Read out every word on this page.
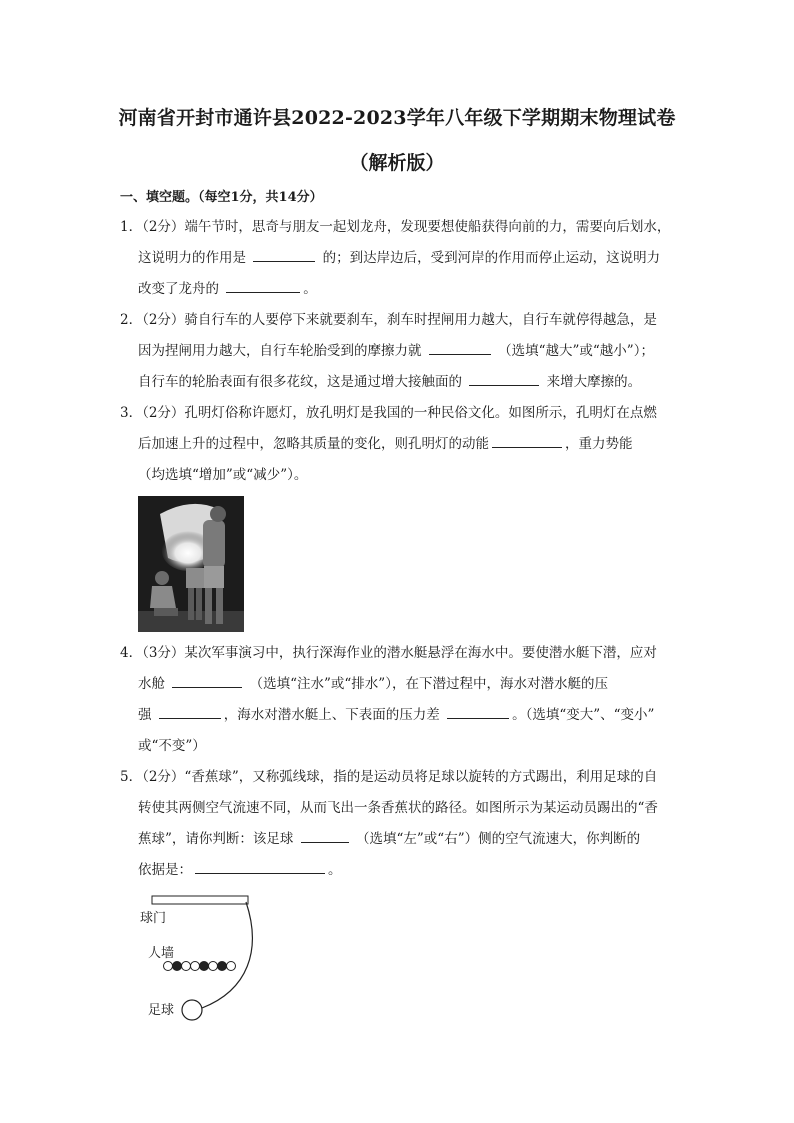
河南省开封市通许县2022-2023学年八年级下学期期末物理试卷
（解析版）
一、填空题。（每空1分，共14分）
1．（2分）端午节时，思奇与朋友一起划龙舟，发现要想使船获得向前的力，需要向后划水，
这说明力的作用是	的；到达岸边后，受到河岸的作用而停止运动，这说明力
改变了龙舟的	。
2．（2分）骑自行车的人要停下来就要刹车，刹车时捏闸用力越大，自行车就停得越急，是
因为捏闸用力越大，自行车轮胎受到的摩擦力就	（选填“越大”或“越小”）；
自行车的轮胎表面有很多花纹，这是通过增大接触面的	来增大摩擦的。
3．（2分）孔明灯俗称许愿灯，放孔明灯是我国的一种民俗文化。如图所示，孔明灯在点燃
后加速上升的过程中，忽略其质量的变化，则孔明灯的动能	，重力势能
（均选填“增加”或“减少”）。
4．（3分）某次军事演习中，执行深海作业的潜水艇悬浮在海水中。要使潜水艇下潜，应对
水舱	（选填“注水”或“排水”），在下潜过程中，海水对潜水艇的压
强	，海水对潜水艇上、下表面的压力差	。（选填“变大”、“变小”
或“不变”）
5．（2分）“香蕉球”，又称弧线球，指的是运动员将足球以旋转的方式踢出，利用足球的自
转使其两侧空气流速不同，从而飞出一条香蕉状的路径。如图所示为某运动员踢出的“香
蕉球”，请你判断：该足球	（选填“左”或“右”）侧的空气流速大，你判断的
依据是：	。
球门
人墙
足球
